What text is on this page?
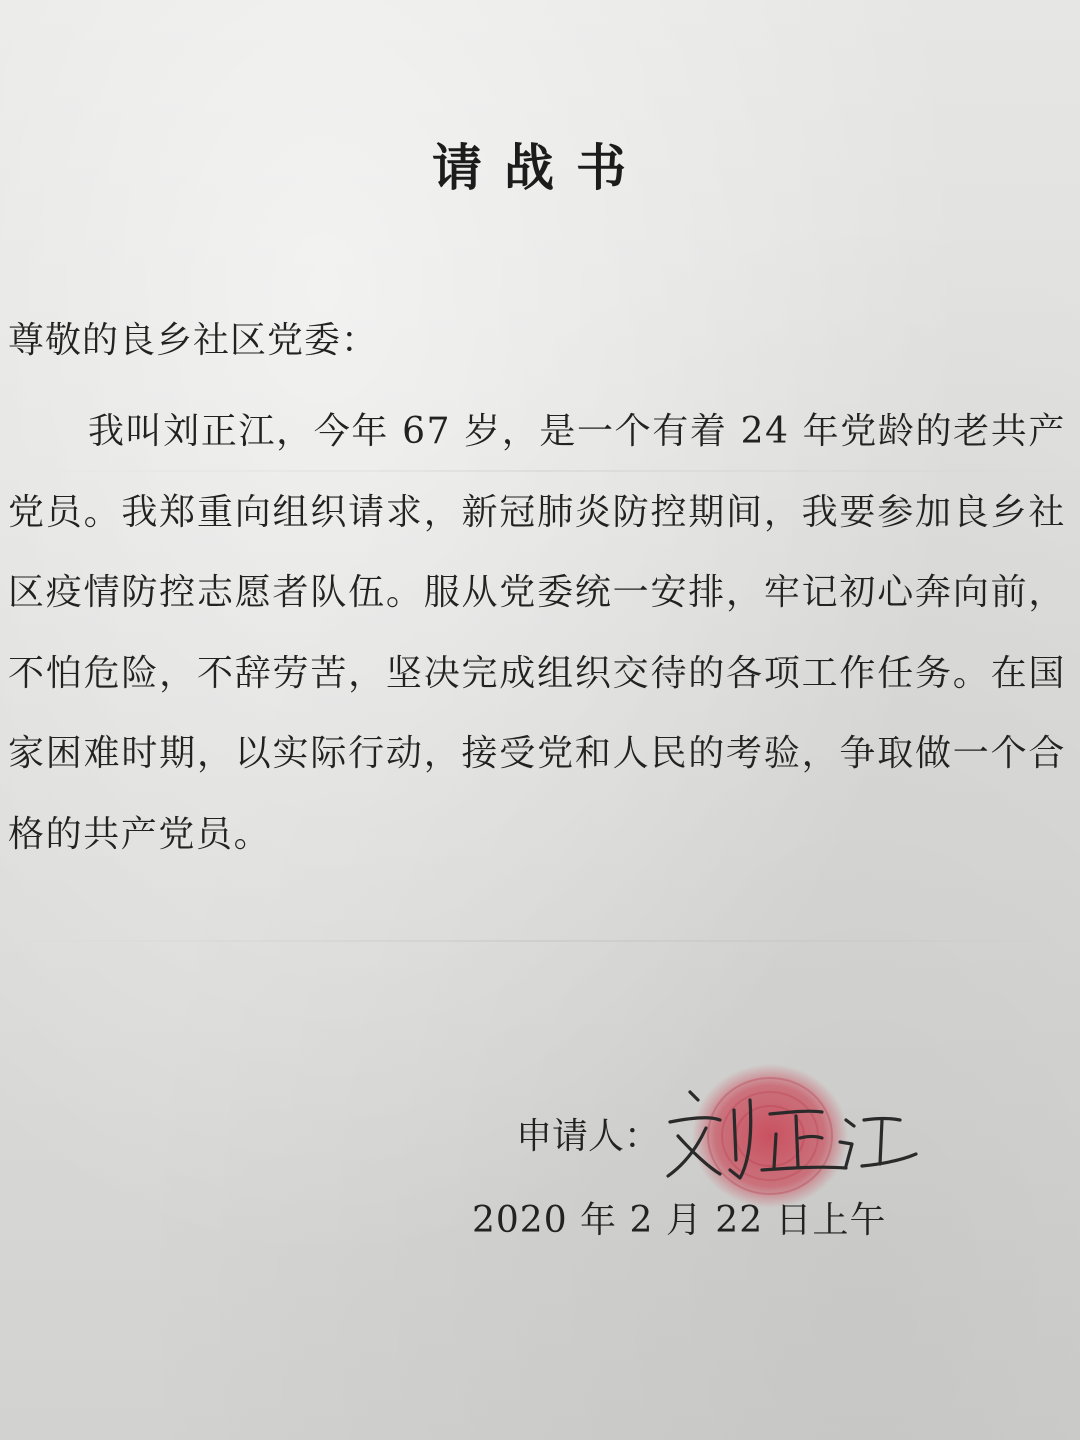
请战书
尊敬的良乡社区党委：

我叫刘正江，今年 67 岁，是一个有着 24 年党龄的老共产党员。我郑重向组织请求，新冠肺炎防控期间，我要参加良乡社区疫情防控志愿者队伍。服从党委统一安排，牢记初心奔向前，不怕危险，不辞劳苦，坚决完成组织交待的各项工作任务。在国家困难时期，以实际行动，接受党和人民的考验，争取做一个合格的共产党员。

申请人：
2020 年 2 月 22 日上午
